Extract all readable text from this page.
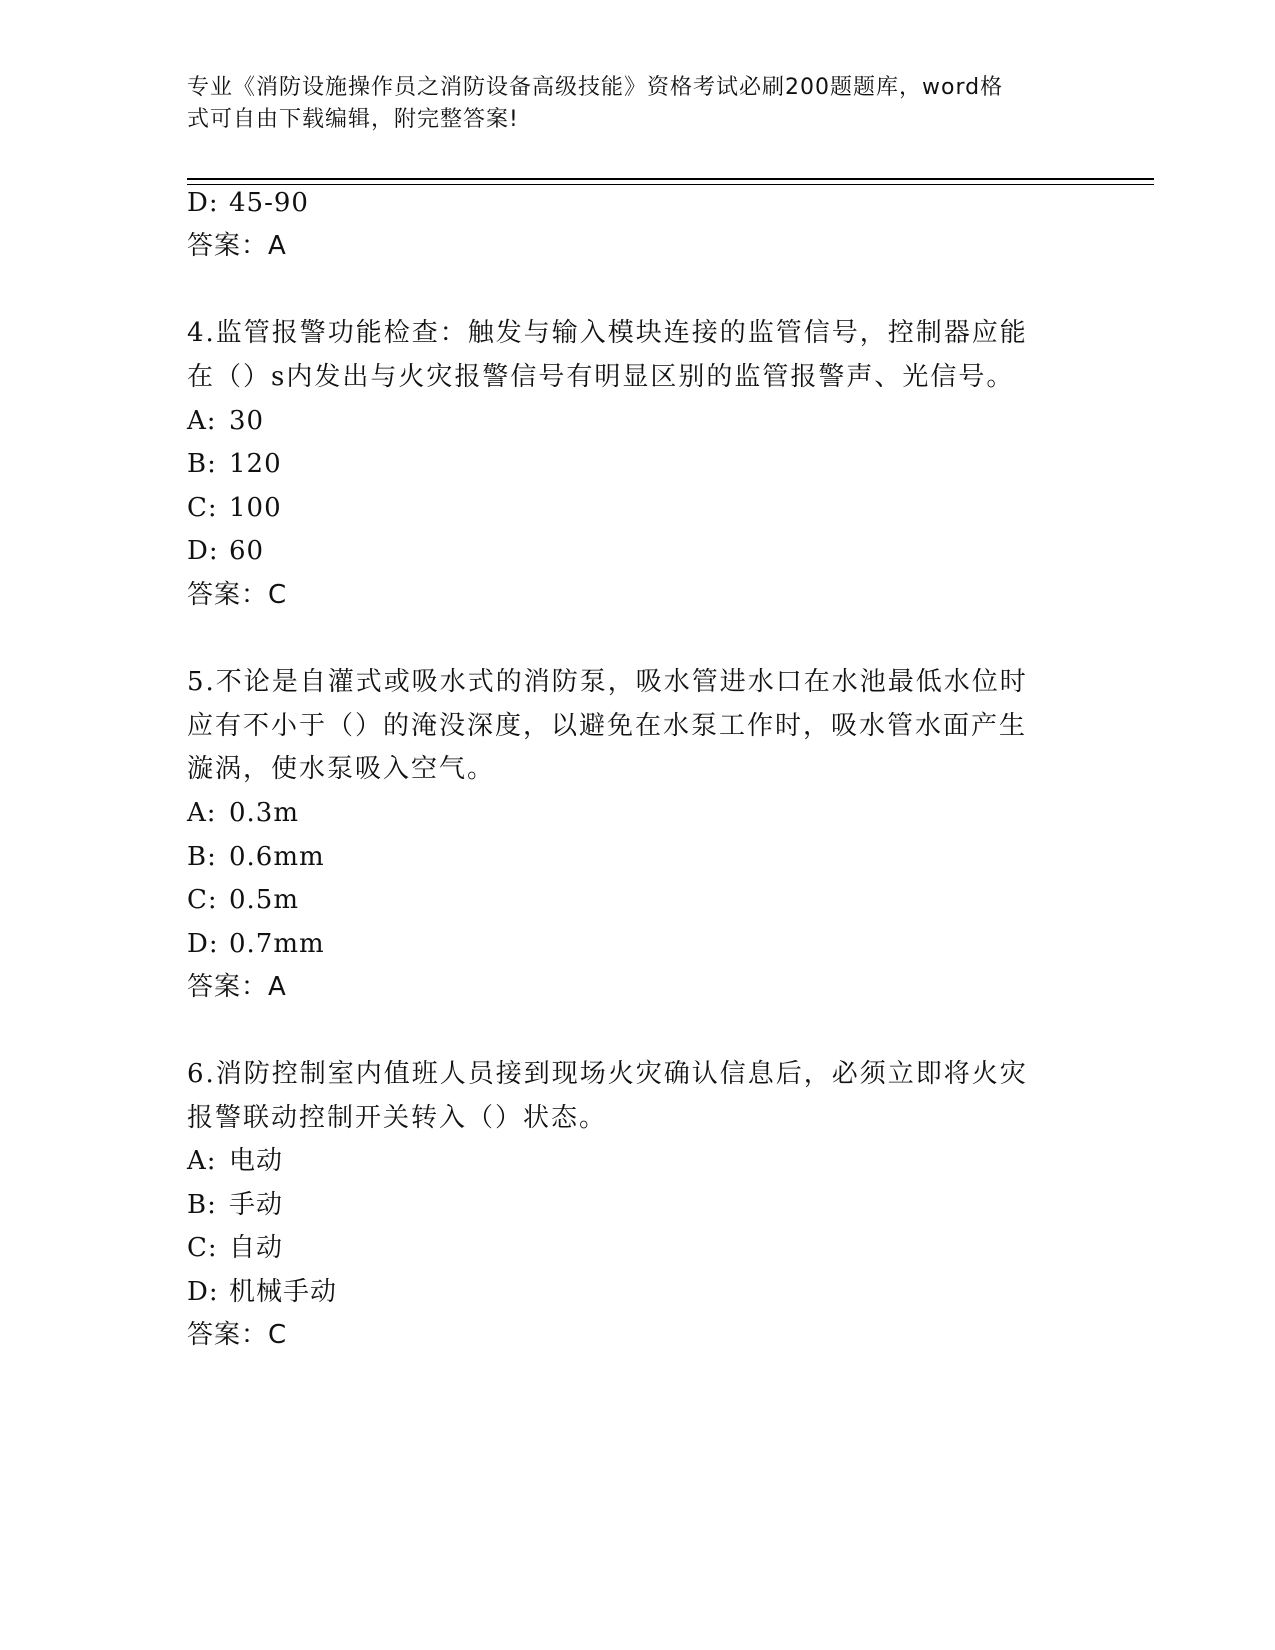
专业《消防设施操作员之消防设备高级技能》资格考试必刷200题题库，word格
式可自由下载编辑，附完整答案!
D: 45-90
答案：A
4.监管报警功能检查：触发与输入模块连接的监管信号，控制器应能
在（）s内发出与火灾报警信号有明显区别的监管报警声、光信号。
A: 30
B: 120
C: 100
D: 60
答案：C
5.不论是自灌式或吸水式的消防泵，吸水管进水口在水池最低水位时
应有不小于（）的淹没深度，以避免在水泵工作时，吸水管水面产生
漩涡，使水泵吸入空气。
A: 0.3m
B: 0.6mm
C: 0.5m
D: 0.7mm
答案：A
6.消防控制室内值班人员接到现场火灾确认信息后，必须立即将火灾
报警联动控制开关转入（）状态。
A: 电动
B: 手动
C: 自动
D: 机械手动
答案：C
